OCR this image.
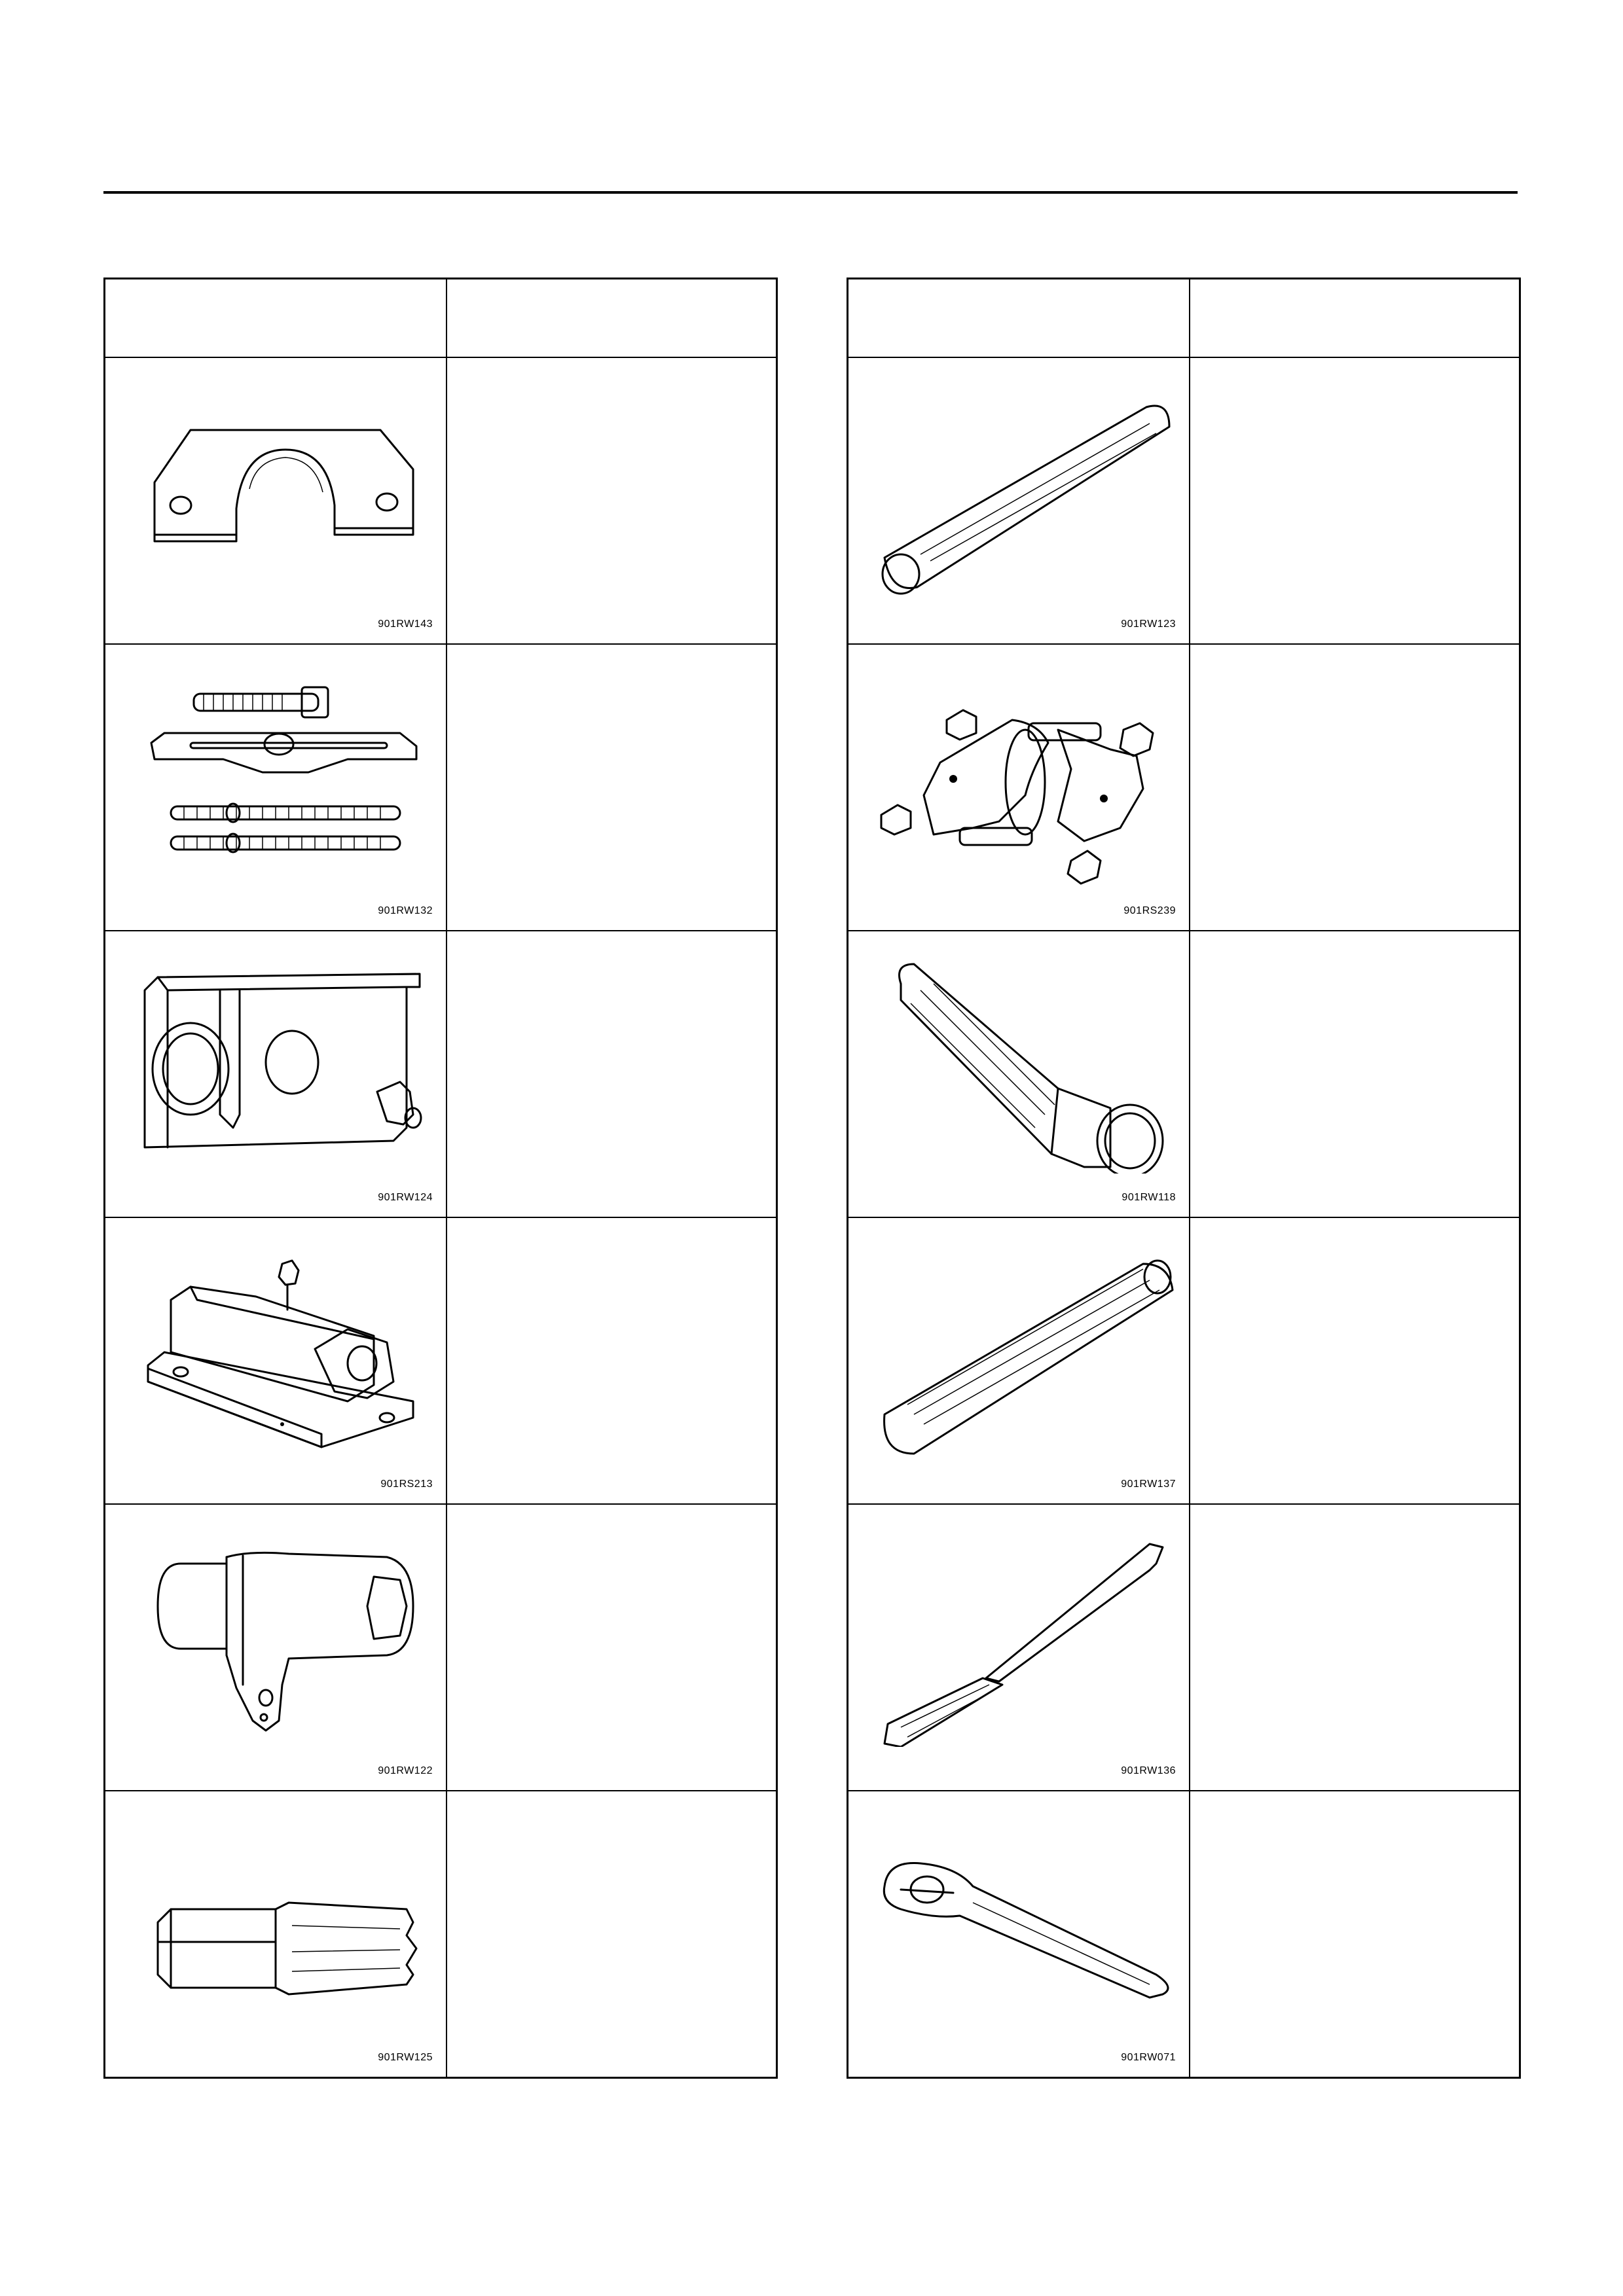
901RW143
901RW132
901RW124
901RS213
901RW122
901RW125
901RW123
901RS239
901RW118
901RW137
901RW136
901RW071
